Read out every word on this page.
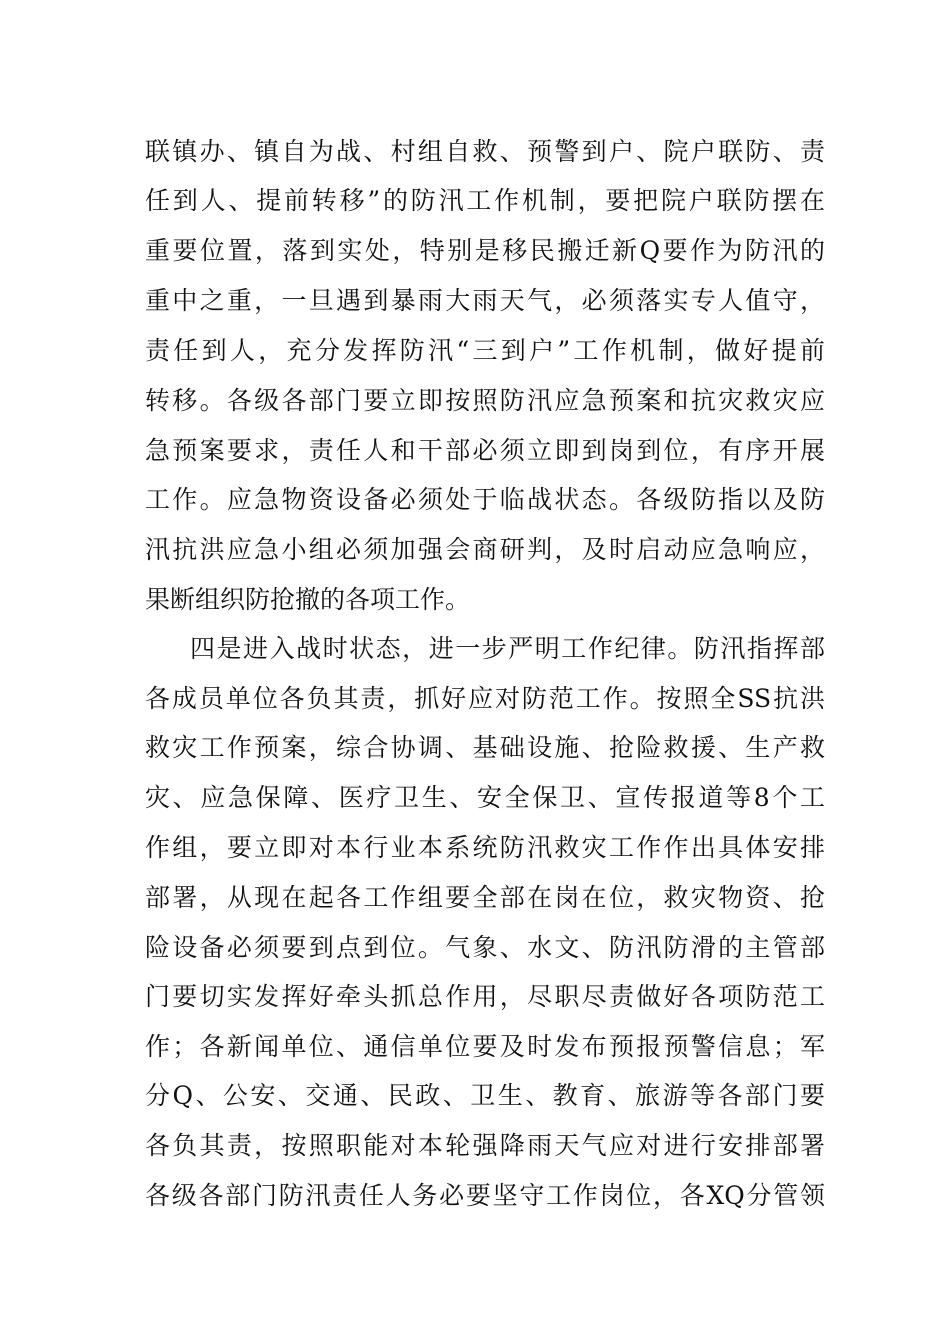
联镇办、镇自为战、村组自救、预警到户、院户联防、责
任到人、提前转移”的防汛工作机制，要把院户联防摆在
重要位置，落到实处，特别是移民搬迁新Q要作为防汛的
重中之重，一旦遇到暴雨大雨天气，必须落实专人值守，
责任到人，充分发挥防汛“三到户”工作机制，做好提前
转移。各级各部门要立即按照防汛应急预案和抗灾救灾应
急预案要求，责任人和干部必须立即到岗到位，有序开展
工作。应急物资设备必须处于临战状态。各级防指以及防
汛抗洪应急小组必须加强会商研判，及时启动应急响应，
果断组织防抢撤的各项工作。
四是进入战时状态，进一步严明工作纪律。防汛指挥部
各成员单位各负其责，抓好应对防范工作。按照全SS抗洪
救灾工作预案，综合协调、基础设施、抢险救援、生产救
灾、应急保障、医疗卫生、安全保卫、宣传报道等8个工
作组，要立即对本行业本系统防汛救灾工作作出具体安排
部署，从现在起各工作组要全部在岗在位，救灾物资、抢
险设备必须要到点到位。气象、水文、防汛防滑的主管部
门要切实发挥好牵头抓总作用，尽职尽责做好各项防范工
作；各新闻单位、通信单位要及时发布预报预警信息；军
分Q、公安、交通、民政、卫生、教育、旅游等各部门要
各负其责，按照职能对本轮强降雨天气应对进行安排部署
各级各部门防汛责任人务必要坚守工作岗位，各XQ分管领
